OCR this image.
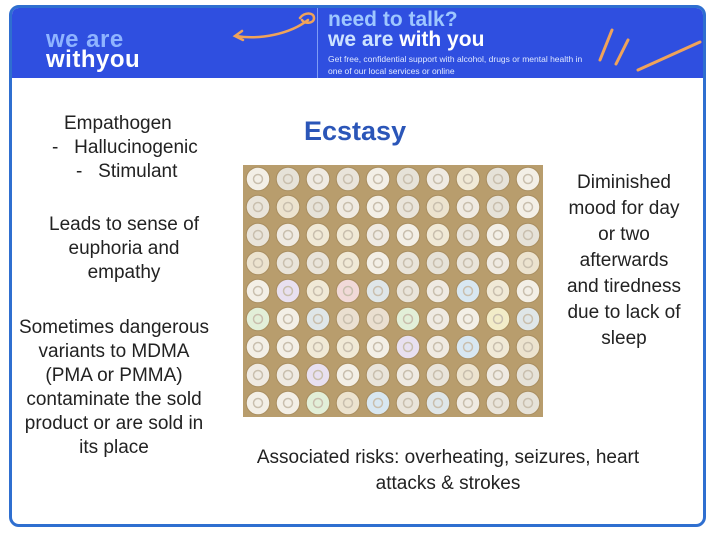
we are
withyou
need to talk?
we are with you
Get free, confidential support with alcohol, drugs or mental health in one of our local services or online
Ecstasy
Empathogen
-   Hallucinogenic
-   Stimulant
Leads to sense of euphoria and empathy
Sometimes dangerous variants to MDMA (PMA or PMMA) contaminate the sold product or are sold in its place
Diminished mood for day or two afterwards and tiredness due to lack of sleep
Associated risks: overheating, seizures, heart attacks & strokes
